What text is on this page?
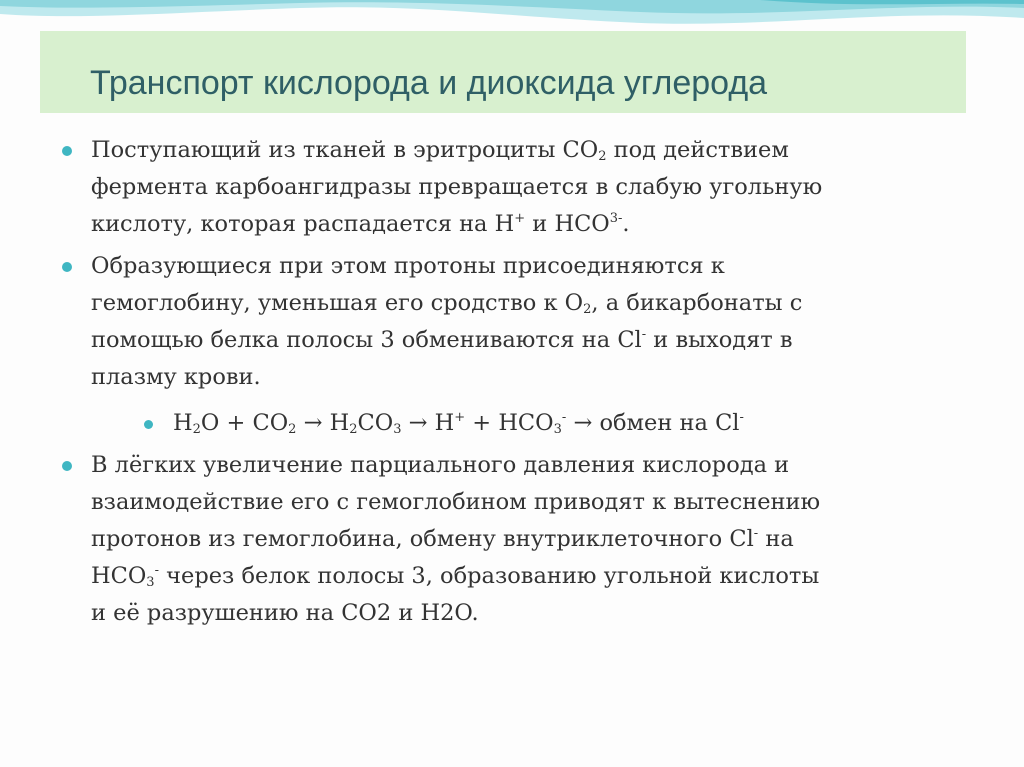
Транспорт кислорода и диоксида углерода
Поступающий из тканей в эритроциты $CO_2$ под действием
фермента карбоангидразы превращается в слабую угольную
кислоту, которая распадается на H+ и $HCO^{3-}$.
Образующиеся при этом протоны присоединяются к
гемоглобину, уменьшая его сродство к $O_2$, а бикарбонаты с
помощью белка полосы 3 обмениваются на Cl- и выходят в
плазму крови.
$H_2O + CO_2 \to H_2CO_3 \to H^+ + HCO_3^-$ → обмен на Cl-
В лёгких увеличение парциального давления кислорода и
взаимодействие его с гемоглобином приводят к вытеснению
протонов из гемоглобина, обмену внутриклеточного Cl- на
$HCO_3^-$ через белок полосы 3, образованию угольной кислоты
и её разрушению на CO2 и H2O.
